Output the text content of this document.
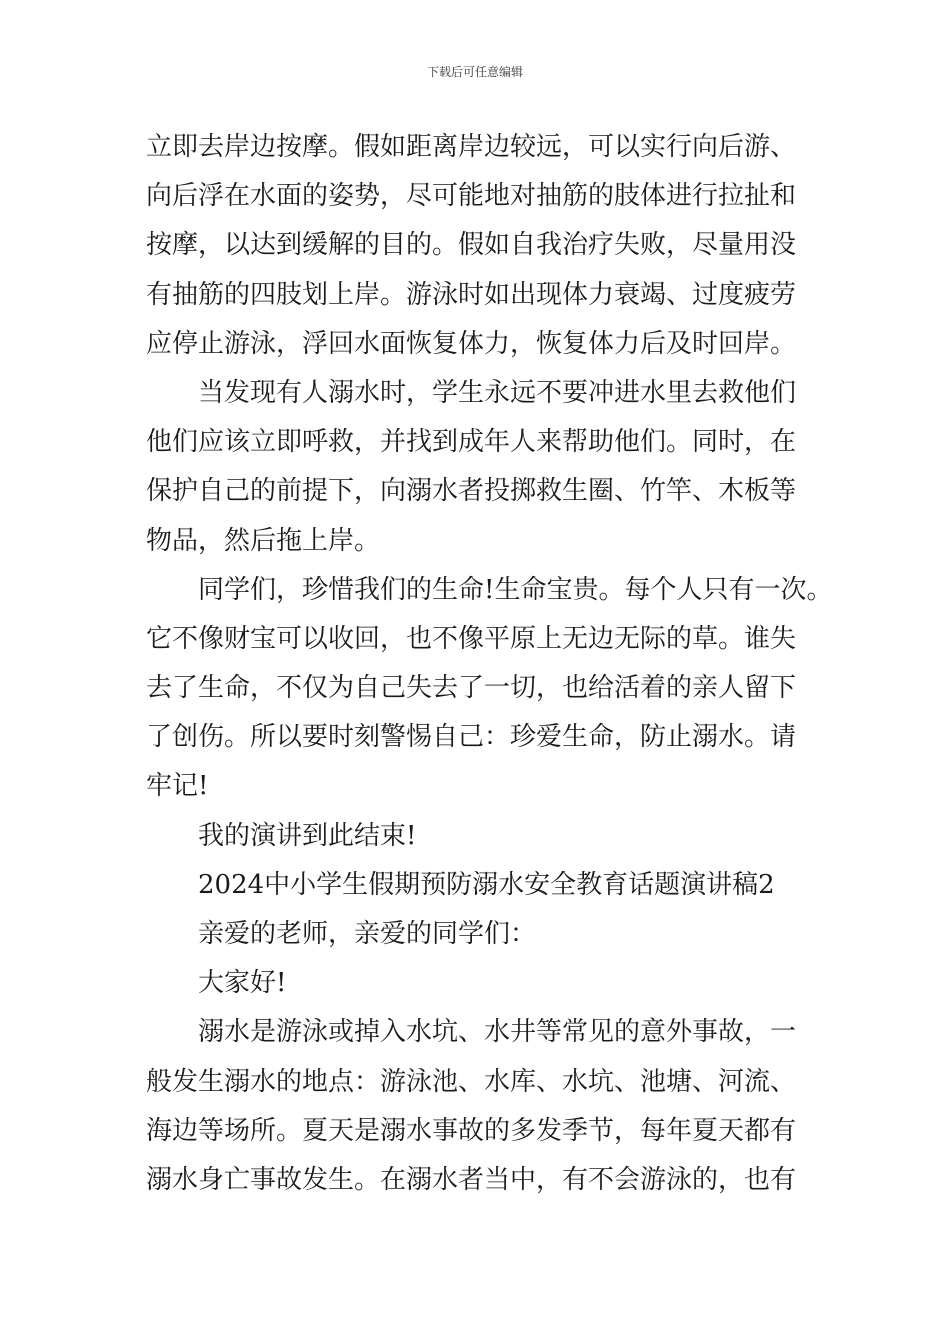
下载后可任意编辑

立即去岸边按摩。假如距离岸边较远，可以实行向后游、

向后浮在水面的姿势，尽可能地对抽筋的肢体进行拉扯和

按摩，以达到缓解的目的。假如自我治疗失败，尽量用没

有抽筋的四肢划上岸。游泳时如出现体力衰竭、过度疲劳

应停止游泳，浮回水面恢复体力，恢复体力后及时回岸。

当发现有人溺水时，学生永远不要冲进水里去救他们

他们应该立即呼救，并找到成年人来帮助他们。同时，在

保护自己的前提下，向溺水者投掷救生圈、竹竿、木板等

物品，然后拖上岸。

同学们，珍惜我们的生命!生命宝贵。每个人只有一次。

它不像财宝可以收回，也不像平原上无边无际的草。谁失

去了生命，不仅为自己失去了一切，也给活着的亲人留下

了创伤。所以要时刻警惕自己：珍爱生命，防止溺水。请

牢记!

我的演讲到此结束!

2024中小学生假期预防溺水安全教育话题演讲稿2

亲爱的老师，亲爱的同学们：

大家好!

溺水是游泳或掉入水坑、水井等常见的意外事故，一

般发生溺水的地点：游泳池、水库、水坑、池塘、河流、

海边等场所。夏天是溺水事故的多发季节，每年夏天都有

溺水身亡事故发生。在溺水者当中，有不会游泳的，也有
